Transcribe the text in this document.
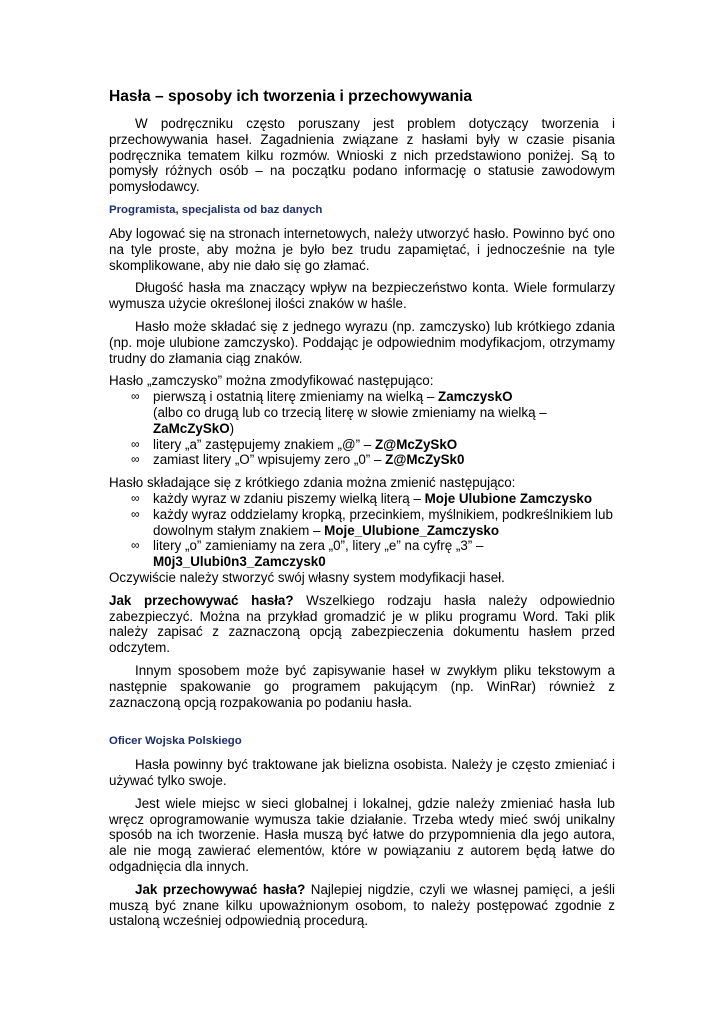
Hasła – sposoby ich tworzenia i przechowywania

W podręczniku często poruszany jest problem dotyczący tworzenia i przechowywania haseł. Zagadnienia związane z hasłami były w czasie pisania podręcznika tematem kilku rozmów. Wnioski z nich przedstawiono poniżej. Są to pomysły różnych osób – na początku podano informację o statusie zawodowym pomysłodawcy.

Programista, specjalista od baz danych

Aby logować się na stronach internetowych, należy utworzyć hasło. Powinno być ono na tyle proste, aby można je było bez trudu zapamiętać, i jednocześnie na tyle skomplikowane, aby nie dało się go złamać.

Długość hasła ma znaczący wpływ na bezpieczeństwo konta. Wiele formularzy wymusza użycie określonej ilości znaków w haśle.

Hasło może składać się z jednego wyrazu (np. zamczysko) lub krótkiego zdania (np. moje ulubione zamczysko). Poddając je odpowiednim modyfikacjom, otrzymamy trudny do złamania ciąg znaków.

Hasło „zamczysko” można zmodyfikować następująco:

∞ pierwszą i ostatnią literę zmieniamy na wielką – ZamczyskO
(albo co drugą lub co trzecią literę w słowie zmieniamy na wielką – ZaMcZySkO)
∞ litery „a” zastępujemy znakiem „@” – Z@McZySkO
∞ zamiast litery „O” wpisujemy zero „0” – Z@McZySk0

Hasło składające się z krótkiego zdania można zmienić następująco:

∞ każdy wyraz w zdaniu piszemy wielką literą – Moje Ulubione Zamczysko
∞ każdy wyraz oddzielamy kropką, przecinkiem, myślnikiem, podkreślnikiem lub dowolnym stałym znakiem – Moje_Ulubione_Zamczysko
∞ litery „o” zamieniamy na zera „0”, litery „e” na cyfrę „3” – M0j3_Ulubi0n3_Zamczysk0

Oczywiście należy stworzyć swój własny system modyfikacji haseł.

Jak przechowywać hasła? Wszelkiego rodzaju hasła należy odpowiednio zabezpieczyć. Można na przykład gromadzić je w pliku programu Word. Taki plik należy zapisać z zaznaczoną opcją zabezpieczenia dokumentu hasłem przed odczytem.

Innym sposobem może być zapisywanie haseł w zwykłym pliku tekstowym a następnie spakowanie go programem pakującym (np. WinRar) również z zaznaczoną opcją rozpakowania po podaniu hasła.

Oficer Wojska Polskiego

Hasła powinny być traktowane jak bielizna osobista. Należy je często zmieniać i używać tylko swoje.

Jest wiele miejsc w sieci globalnej i lokalnej, gdzie należy zmieniać hasła lub wręcz oprogramowanie wymusza takie działanie. Trzeba wtedy mieć swój unikalny sposób na ich tworzenie. Hasła muszą być łatwe do przypomnienia dla jego autora, ale nie mogą zawierać elementów, które w powiązaniu z autorem będą łatwe do odgadnięcia dla innych.

Jak przechowywać hasła? Najlepiej nigdzie, czyli we własnej pamięci, a jeśli muszą być znane kilku upoważnionym osobom, to należy postępować zgodnie z ustaloną wcześniej odpowiednią procedurą.
